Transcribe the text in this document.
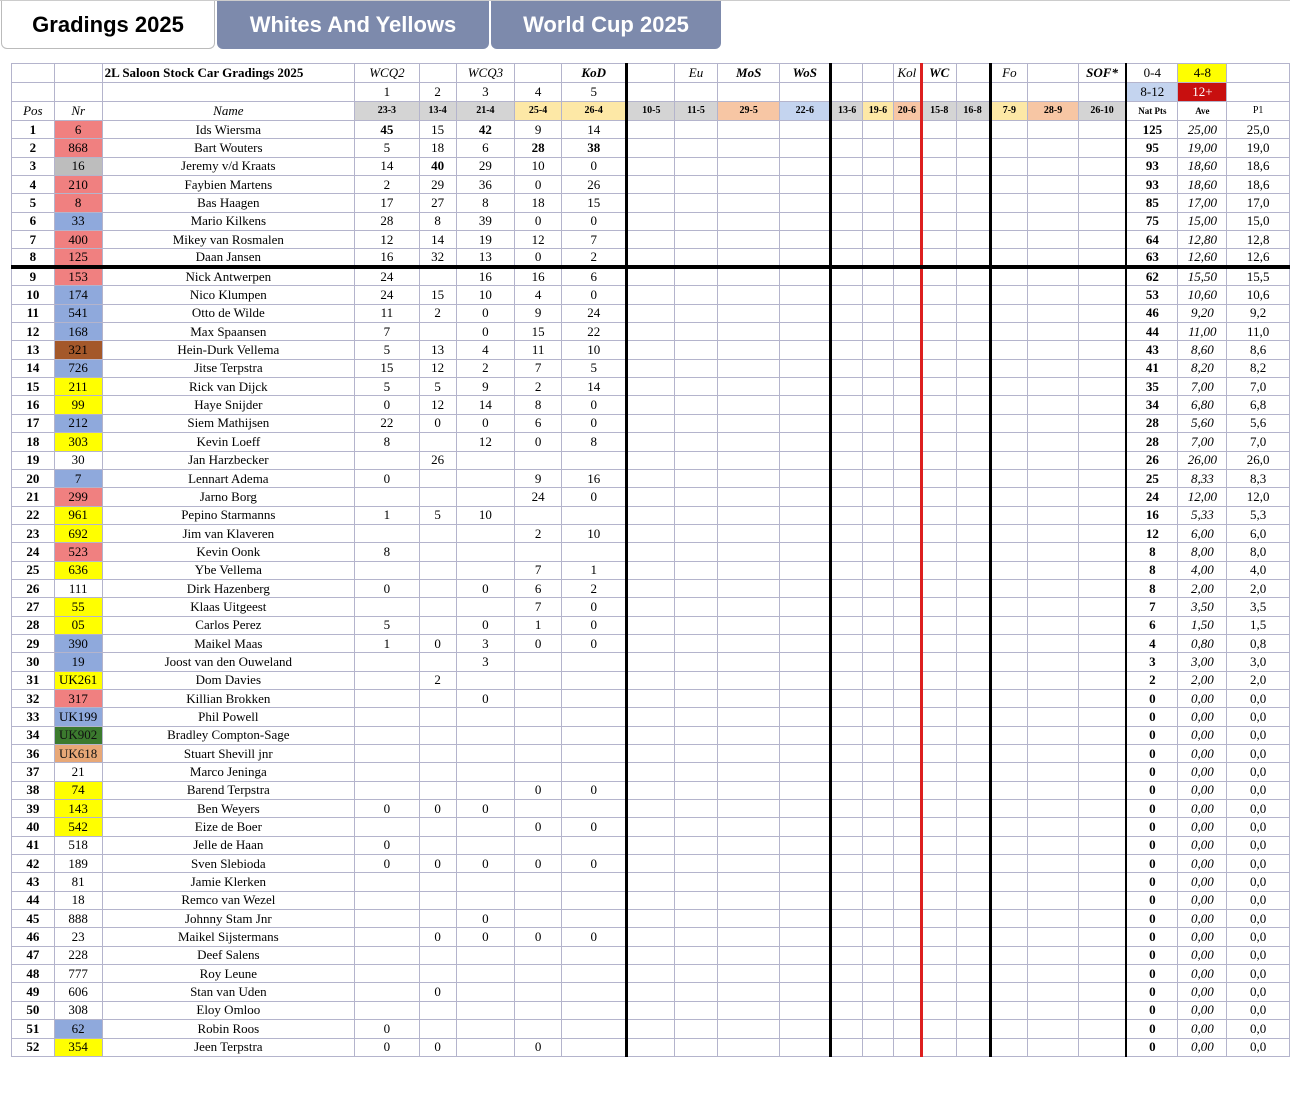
Gradings 2025	Whites And Yellows	World Cup 2025
		2L Saloon Stock Car Gradings 2025	WCQ2		WCQ3		KoD		Eu	MoS	WoS			Kol	WC		Fo		SOF*	0-4	4-8	
			1	2	3	4	5													8-12	12+	
Pos	Nr	Name	23-3	13-4	21-4	25-4	26-4	10-5	11-5	29-5	22-6	13-6	19-6	20-6	15-8	16-8	7-9	28-9	26-10	Nat Pts	Ave	P1
1	6	Ids Wiersma	45	15	42	9	14													125	25,00	25,0
2	868	Bart Wouters	5	18	6	28	38													95	19,00	19,0
3	16	Jeremy v/d Kraats	14	40	29	10	0													93	18,60	18,6
4	210	Faybien Martens	2	29	36	0	26													93	18,60	18,6
5	8	Bas Haagen	17	27	8	18	15													85	17,00	17,0
6	33	Mario Kilkens	28	8	39	0	0													75	15,00	15,0
7	400	Mikey van Rosmalen	12	14	19	12	7													64	12,80	12,8
8	125	Daan Jansen	16	32	13	0	2													63	12,60	12,6
9	153	Nick Antwerpen	24		16	16	6													62	15,50	15,5
10	174	Nico Klumpen	24	15	10	4	0													53	10,60	10,6
11	541	Otto de Wilde	11	2	0	9	24													46	9,20	9,2
12	168	Max Spaansen	7		0	15	22													44	11,00	11,0
13	321	Hein-Durk Vellema	5	13	4	11	10													43	8,60	8,6
14	726	Jitse Terpstra	15	12	2	7	5													41	8,20	8,2
15	211	Rick van Dijck	5	5	9	2	14													35	7,00	7,0
16	99	Haye Snijder	0	12	14	8	0													34	6,80	6,8
17	212	Siem Mathijsen	22	0	0	6	0													28	5,60	5,6
18	303	Kevin Loeff	8		12	0	8													28	7,00	7,0
19	30	Jan Harzbecker		26																26	26,00	26,0
20	7	Lennart Adema	0			9	16													25	8,33	8,3
21	299	Jarno Borg				24	0													24	12,00	12,0
22	961	Pepino Starmanns	1	5	10															16	5,33	5,3
23	692	Jim van Klaveren				2	10													12	6,00	6,0
24	523	Kevin Oonk	8																	8	8,00	8,0
25	636	Ybe Vellema				7	1													8	4,00	4,0
26	111	Dirk Hazenberg	0		0	6	2													8	2,00	2,0
27	55	Klaas Uitgeest				7	0													7	3,50	3,5
28	05	Carlos Perez	5		0	1	0													6	1,50	1,5
29	390	Maikel Maas	1	0	3	0	0													4	0,80	0,8
30	19	Joost van den Ouweland			3															3	3,00	3,0
31	UK261	Dom Davies		2																2	2,00	2,0
32	317	Killian Brokken			0															0	0,00	0,0
33	UK199	Phil Powell																		0	0,00	0,0
34	UK902	Bradley Compton-Sage																		0	0,00	0,0
36	UK618	Stuart Shevill jnr																		0	0,00	0,0
37	21	Marco Jeninga																		0	0,00	0,0
38	74	Barend Terpstra				0	0													0	0,00	0,0
39	143	Ben Weyers	0	0	0															0	0,00	0,0
40	542	Eize de Boer				0	0													0	0,00	0,0
41	518	Jelle de Haan	0																	0	0,00	0,0
42	189	Sven Slebioda	0	0	0	0	0													0	0,00	0,0
43	81	Jamie Klerken																		0	0,00	0,0
44	18	Remco van Wezel																		0	0,00	0,0
45	888	Johnny Stam Jnr			0															0	0,00	0,0
46	23	Maikel Sijstermans		0	0	0	0													0	0,00	0,0
47	228	Deef Salens																		0	0,00	0,0
48	777	Roy Leune																		0	0,00	0,0
49	606	Stan van Uden		0																0	0,00	0,0
50	308	Eloy Omloo																		0	0,00	0,0
51	62	Robin Roos	0																	0	0,00	0,0
52	354	Jeen Terpstra	0	0		0														0	0,00	0,0
